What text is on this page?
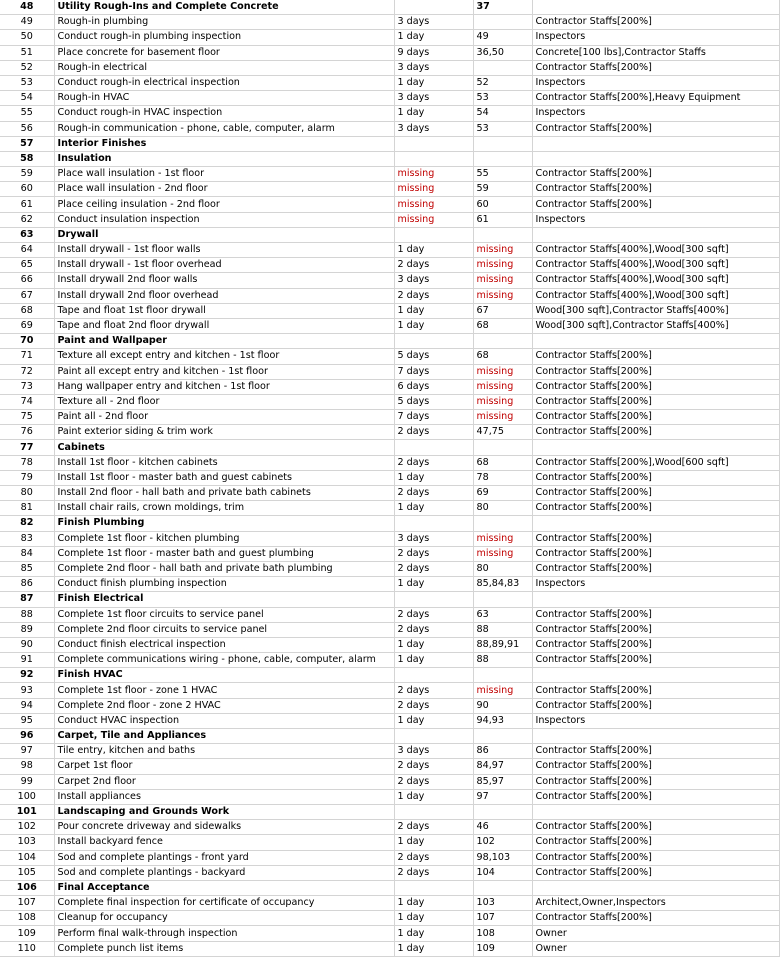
48	Utility Rough-Ins and Complete Concrete		37	
49	Rough-in plumbing	3 days		Contractor Staffs[200%]
50	Conduct rough-in plumbing inspection	1 day	49	Inspectors
51	Place concrete for basement floor	9 days	36,50	Concrete[100 lbs],Contractor Staffs
52	Rough-in electrical	3 days		Contractor Staffs[200%]
53	Conduct rough-in electrical inspection	1 day	52	Inspectors
54	Rough-in HVAC	3 days	53	Contractor Staffs[200%],Heavy Equipment
55	Conduct rough-in HVAC inspection	1 day	54	Inspectors
56	Rough-in communication - phone, cable, computer, alarm	3 days	53	Contractor Staffs[200%]
57	Interior Finishes			
58	Insulation			
59	Place wall insulation - 1st floor	missing	55	Contractor Staffs[200%]
60	Place wall insulation - 2nd floor	missing	59	Contractor Staffs[200%]
61	Place ceiling insulation - 2nd floor	missing	60	Contractor Staffs[200%]
62	Conduct insulation inspection	missing	61	Inspectors
63	Drywall			
64	Install drywall - 1st floor walls	1 day	missing	Contractor Staffs[400%],Wood[300 sqft]
65	Install drywall - 1st floor overhead	2 days	missing	Contractor Staffs[400%],Wood[300 sqft]
66	Install drywall 2nd floor walls	3 days	missing	Contractor Staffs[400%],Wood[300 sqft]
67	Install drywall 2nd floor overhead	2 days	missing	Contractor Staffs[400%],Wood[300 sqft]
68	Tape and float 1st floor drywall	1 day	67	Wood[300 sqft],Contractor Staffs[400%]
69	Tape and float 2nd floor drywall	1 day	68	Wood[300 sqft],Contractor Staffs[400%]
70	Paint and Wallpaper			
71	Texture all except entry and kitchen - 1st floor	5 days	68	Contractor Staffs[200%]
72	Paint all except entry and kitchen - 1st floor	7 days	missing	Contractor Staffs[200%]
73	Hang wallpaper entry and kitchen - 1st floor	6 days	missing	Contractor Staffs[200%]
74	Texture all - 2nd floor	5 days	missing	Contractor Staffs[200%]
75	Paint all - 2nd floor	7 days	missing	Contractor Staffs[200%]
76	Paint exterior siding & trim work	2 days	47,75	Contractor Staffs[200%]
77	Cabinets			
78	Install 1st floor - kitchen cabinets	2 days	68	Contractor Staffs[200%],Wood[600 sqft]
79	Install 1st floor - master bath and guest cabinets	1 day	78	Contractor Staffs[200%]
80	Install 2nd floor - hall bath and private bath cabinets	2 days	69	Contractor Staffs[200%]
81	Install chair rails, crown moldings, trim	1 day	80	Contractor Staffs[200%]
82	Finish Plumbing			
83	Complete 1st floor - kitchen plumbing	3 days	missing	Contractor Staffs[200%]
84	Complete 1st floor - master bath and guest plumbing	2 days	missing	Contractor Staffs[200%]
85	Complete 2nd floor - hall bath and private bath plumbing	2 days	80	Contractor Staffs[200%]
86	Conduct finish plumbing inspection	1 day	85,84,83	Inspectors
87	Finish Electrical			
88	Complete 1st floor circuits to service panel	2 days	63	Contractor Staffs[200%]
89	Complete 2nd floor circuits to service panel	2 days	88	Contractor Staffs[200%]
90	Conduct finish electrical inspection	1 day	88,89,91	Contractor Staffs[200%]
91	Complete communications wiring - phone, cable, computer, alarm	1 day	88	Contractor Staffs[200%]
92	Finish HVAC			
93	Complete 1st floor - zone 1 HVAC	2 days	missing	Contractor Staffs[200%]
94	Complete 2nd floor - zone 2 HVAC	2 days	90	Contractor Staffs[200%]
95	Conduct HVAC inspection	1 day	94,93	Inspectors
96	Carpet, Tile and Appliances			
97	Tile entry, kitchen and baths	3 days	86	Contractor Staffs[200%]
98	Carpet 1st floor	2 days	84,97	Contractor Staffs[200%]
99	Carpet 2nd floor	2 days	85,97	Contractor Staffs[200%]
100	Install appliances	1 day	97	Contractor Staffs[200%]
101	Landscaping and Grounds Work			
102	Pour concrete driveway and sidewalks	2 days	46	Contractor Staffs[200%]
103	Install backyard fence	1 day	102	Contractor Staffs[200%]
104	Sod and complete plantings - front yard	2 days	98,103	Contractor Staffs[200%]
105	Sod and complete plantings - backyard	2 days	104	Contractor Staffs[200%]
106	Final Acceptance			
107	Complete final inspection for certificate of occupancy	1 day	103	Architect,Owner,Inspectors
108	Cleanup for occupancy	1 day	107	Contractor Staffs[200%]
109	Perform final walk-through inspection	1 day	108	Owner
110	Complete punch list items	1 day	109	Owner
